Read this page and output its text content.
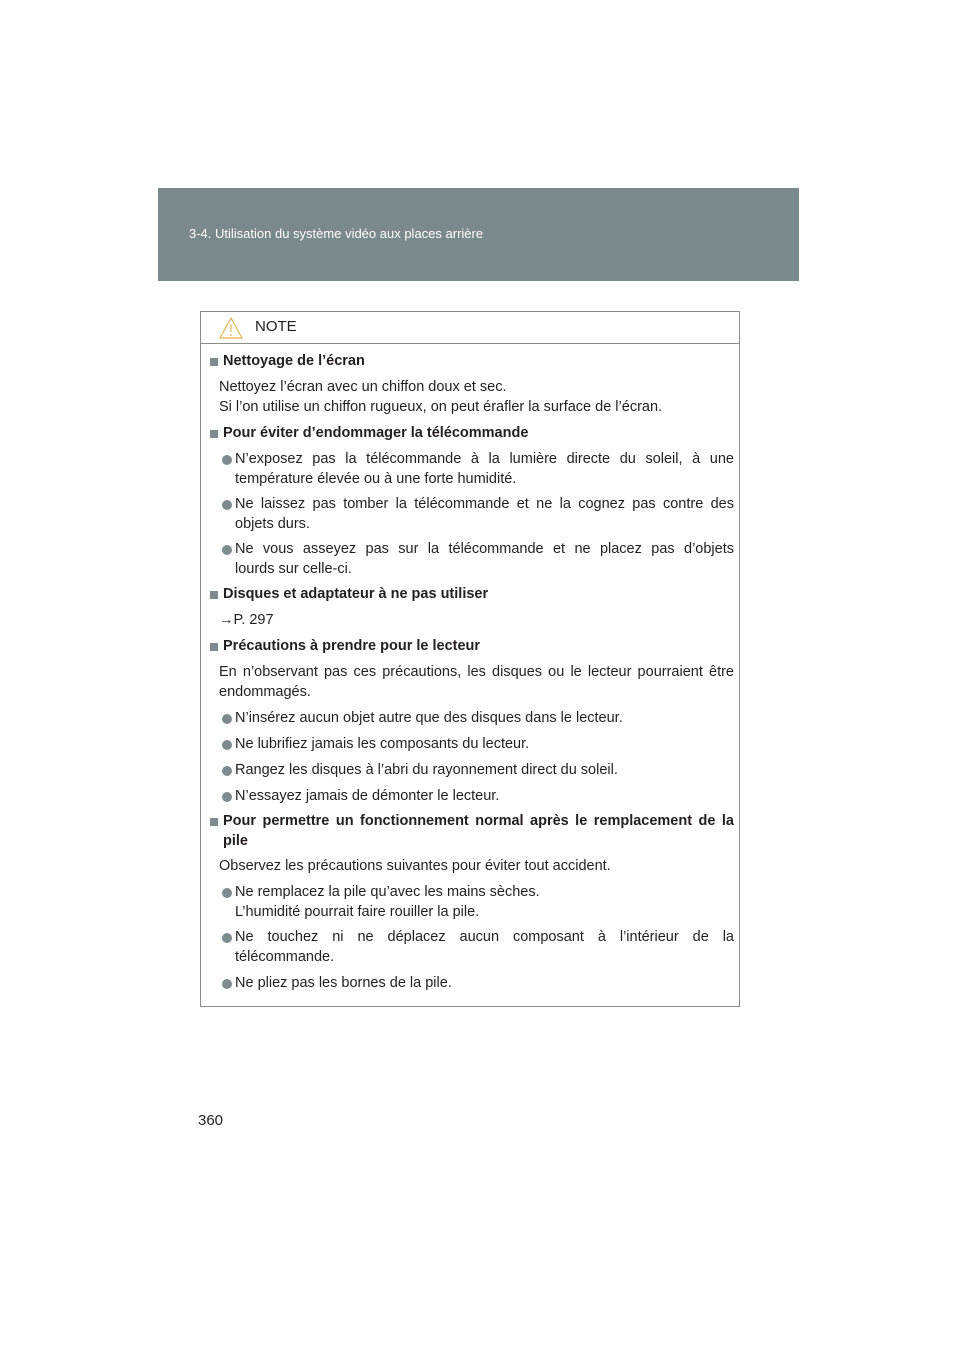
3-4. Utilisation du système vidéo aux places arrière
NOTE
Nettoyage de l’écran
Nettoyez l’écran avec un chiffon doux et sec.
Si l’on utilise un chiffon rugueux, on peut érafler la surface de l’écran.
Pour éviter d’endommager la télécommande
N’exposez pas la télécommande à la lumière directe du soleil, à une
température élevée ou à une forte humidité.
Ne laissez pas tomber la télécommande et ne la cognez pas contre des
objets durs.
Ne vous asseyez pas sur la télécommande et ne placez pas d’objets
lourds sur celle-ci.
Disques et adaptateur à ne pas utiliser
→P. 297
Précautions à prendre pour le lecteur
En n’observant pas ces précautions, les disques ou le lecteur pourraient être
endommagés.
N’insérez aucun objet autre que des disques dans le lecteur.
Ne lubrifiez jamais les composants du lecteur.
Rangez les disques à l’abri du rayonnement direct du soleil.
N’essayez jamais de démonter le lecteur.
Pour permettre un fonctionnement normal après le remplacement de la
pile
Observez les précautions suivantes pour éviter tout accident.
Ne remplacez la pile qu’avec les mains sèches.
L’humidité pourrait faire rouiller la pile.
Ne touchez ni ne déplacez aucun composant à l’intérieur de la
télécommande.
Ne pliez pas les bornes de la pile.
360
